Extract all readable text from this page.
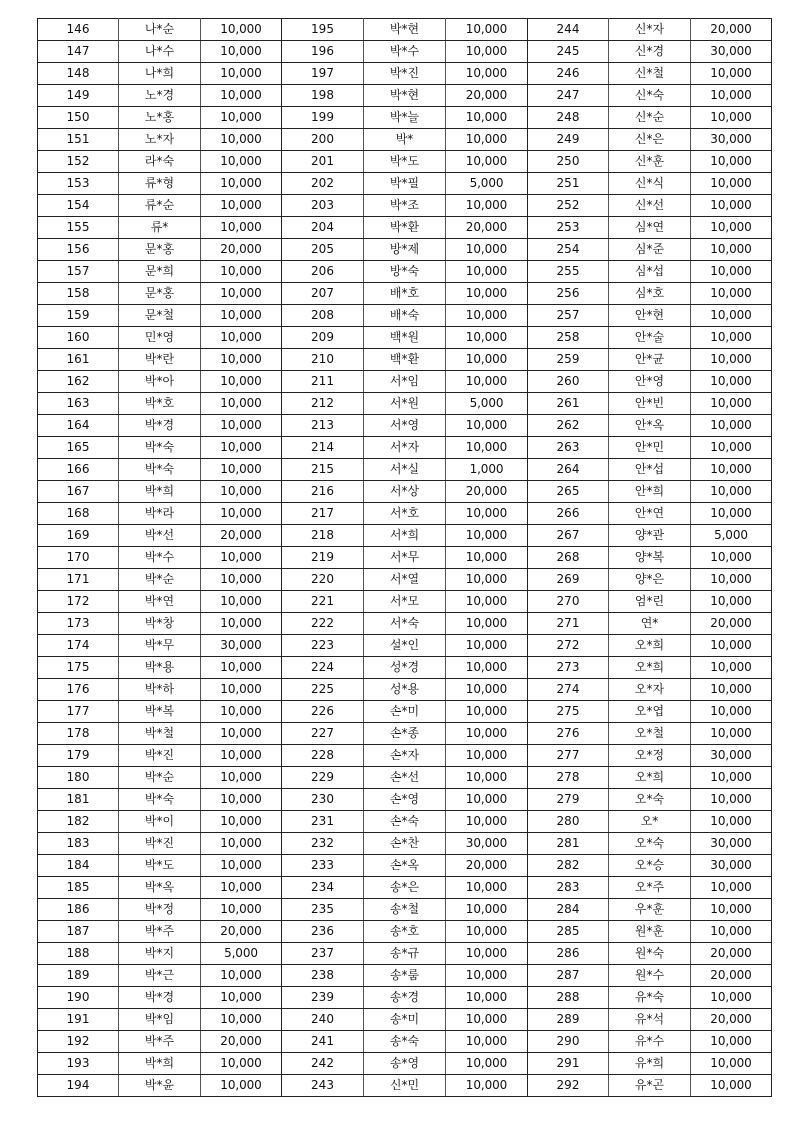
146	나*순	10,000	195	박*현	10,000	244	신*자	20,000
147	나*수	10,000	196	박*수	10,000	245	신*경	30,000
148	나*희	10,000	197	박*진	10,000	246	신*철	10,000
149	노*경	10,000	198	박*현	20,000	247	신*숙	10,000
150	노*홍	10,000	199	박*늘	10,000	248	신*순	10,000
151	노*자	10,000	200	박*	10,000	249	신*은	30,000
152	라*숙	10,000	201	박*도	10,000	250	신*훈	10,000
153	류*형	10,000	202	박*필	5,000	251	신*식	10,000
154	류*순	10,000	203	박*조	10,000	252	신*선	10,000
155	류*	10,000	204	박*환	20,000	253	심*연	10,000
156	문*홍	20,000	205	방*제	10,000	254	심*준	10,000
157	문*희	10,000	206	방*숙	10,000	255	심*섭	10,000
158	문*홍	10,000	207	배*호	10,000	256	심*호	10,000
159	문*철	10,000	208	배*숙	10,000	257	안*현	10,000
160	민*영	10,000	209	백*원	10,000	258	안*술	10,000
161	박*란	10,000	210	백*환	10,000	259	안*균	10,000
162	박*아	10,000	211	서*임	10,000	260	안*영	10,000
163	박*호	10,000	212	서*원	5,000	261	안*빈	10,000
164	박*경	10,000	213	서*영	10,000	262	안*옥	10,000
165	박*숙	10,000	214	서*자	10,000	263	안*민	10,000
166	박*숙	10,000	215	서*실	1,000	264	안*섭	10,000
167	박*희	10,000	216	서*상	20,000	265	안*희	10,000
168	박*라	10,000	217	서*호	10,000	266	안*연	10,000
169	박*선	20,000	218	서*희	10,000	267	양*관	5,000
170	박*수	10,000	219	서*무	10,000	268	양*복	10,000
171	박*순	10,000	220	서*열	10,000	269	양*은	10,000
172	박*연	10,000	221	서*모	10,000	270	엄*린	10,000
173	박*창	10,000	222	서*숙	10,000	271	연*	20,000
174	박*무	30,000	223	설*인	10,000	272	오*희	10,000
175	박*용	10,000	224	성*경	10,000	273	오*희	10,000
176	박*하	10,000	225	성*용	10,000	274	오*자	10,000
177	박*복	10,000	226	손*미	10,000	275	오*엽	10,000
178	박*철	10,000	227	손*종	10,000	276	오*철	10,000
179	박*진	10,000	228	손*자	10,000	277	오*정	30,000
180	박*순	10,000	229	손*선	10,000	278	오*희	10,000
181	박*숙	10,000	230	손*영	10,000	279	오*숙	10,000
182	박*이	10,000	231	손*숙	10,000	280	오*	10,000
183	박*진	10,000	232	손*찬	30,000	281	오*숙	30,000
184	박*도	10,000	233	손*옥	20,000	282	오*승	30,000
185	박*옥	10,000	234	송*은	10,000	283	오*주	10,000
186	박*정	10,000	235	송*철	10,000	284	우*훈	10,000
187	박*주	20,000	236	송*호	10,000	285	원*훈	10,000
188	박*지	5,000	237	송*규	10,000	286	원*숙	20,000
189	박*근	10,000	238	송*룸	10,000	287	원*수	20,000
190	박*경	10,000	239	송*경	10,000	288	유*숙	10,000
191	박*임	10,000	240	송*미	10,000	289	유*석	20,000
192	박*주	20,000	241	송*숙	10,000	290	유*수	10,000
193	박*희	10,000	242	송*영	10,000	291	유*희	10,000
194	박*윤	10,000	243	신*민	10,000	292	유*곤	10,000
